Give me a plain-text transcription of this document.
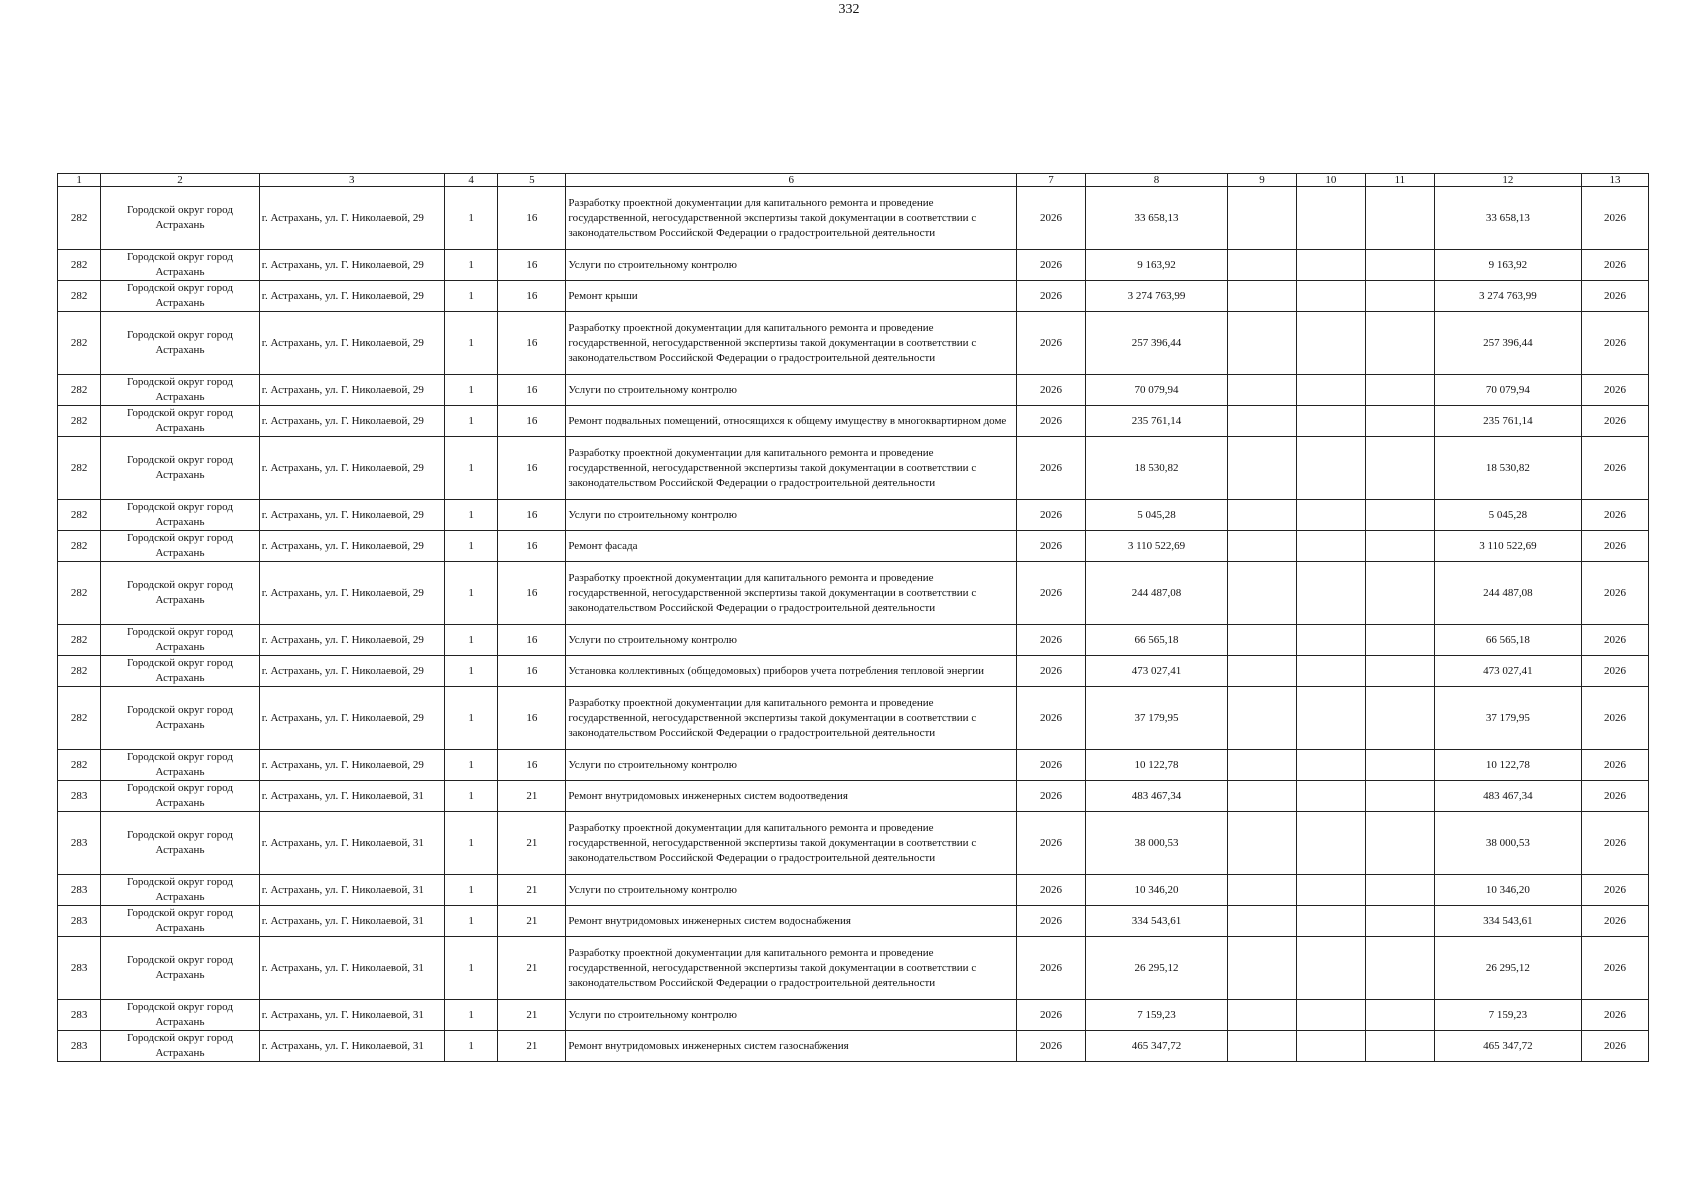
332
1	2	3	4	5	6	7	8	9	10	11	12	13
282	Городской округ город Астрахань	г. Астрахань, ул. Г. Николаевой, 29	1	16	Разработку проектной документации для капитального ремонта и проведение государственной, негосударственной экспертизы такой документации в соответствии с законодательством Российской Федерации о градостроительной деятельности	2026	33 658,13				33 658,13	2026
282	Городской округ город Астрахань	г. Астрахань, ул. Г. Николаевой, 29	1	16	Услуги по строительному контролю	2026	9 163,92				9 163,92	2026
282	Городской округ город Астрахань	г. Астрахань, ул. Г. Николаевой, 29	1	16	Ремонт крыши	2026	3 274 763,99				3 274 763,99	2026
282	Городской округ город Астрахань	г. Астрахань, ул. Г. Николаевой, 29	1	16	Разработку проектной документации для капитального ремонта и проведение государственной, негосударственной экспертизы такой документации в соответствии с законодательством Российской Федерации о градостроительной деятельности	2026	257 396,44				257 396,44	2026
282	Городской округ город Астрахань	г. Астрахань, ул. Г. Николаевой, 29	1	16	Услуги по строительному контролю	2026	70 079,94				70 079,94	2026
282	Городской округ город Астрахань	г. Астрахань, ул. Г. Николаевой, 29	1	16	Ремонт подвальных помещений, относящихся к общему имуществу в многоквартирном доме	2026	235 761,14				235 761,14	2026
282	Городской округ город Астрахань	г. Астрахань, ул. Г. Николаевой, 29	1	16	Разработку проектной документации для капитального ремонта и проведение государственной, негосударственной экспертизы такой документации в соответствии с законодательством Российской Федерации о градостроительной деятельности	2026	18 530,82				18 530,82	2026
282	Городской округ город Астрахань	г. Астрахань, ул. Г. Николаевой, 29	1	16	Услуги по строительному контролю	2026	5 045,28				5 045,28	2026
282	Городской округ город Астрахань	г. Астрахань, ул. Г. Николаевой, 29	1	16	Ремонт фасада	2026	3 110 522,69				3 110 522,69	2026
282	Городской округ город Астрахань	г. Астрахань, ул. Г. Николаевой, 29	1	16	Разработку проектной документации для капитального ремонта и проведение государственной, негосударственной экспертизы такой документации в соответствии с законодательством Российской Федерации о градостроительной деятельности	2026	244 487,08				244 487,08	2026
282	Городской округ город Астрахань	г. Астрахань, ул. Г. Николаевой, 29	1	16	Услуги по строительному контролю	2026	66 565,18				66 565,18	2026
282	Городской округ город Астрахань	г. Астрахань, ул. Г. Николаевой, 29	1	16	Установка коллективных (общедомовых) приборов учета потребления тепловой энергии	2026	473 027,41				473 027,41	2026
282	Городской округ город Астрахань	г. Астрахань, ул. Г. Николаевой, 29	1	16	Разработку проектной документации для капитального ремонта и проведение государственной, негосударственной экспертизы такой документации в соответствии с законодательством Российской Федерации о градостроительной деятельности	2026	37 179,95				37 179,95	2026
282	Городской округ город Астрахань	г. Астрахань, ул. Г. Николаевой, 29	1	16	Услуги по строительному контролю	2026	10 122,78				10 122,78	2026
283	Городской округ город Астрахань	г. Астрахань, ул. Г. Николаевой, 31	1	21	Ремонт внутридомовых инженерных систем водоотведения	2026	483 467,34				483 467,34	2026
283	Городской округ город Астрахань	г. Астрахань, ул. Г. Николаевой, 31	1	21	Разработку проектной документации для капитального ремонта и проведение государственной, негосударственной экспертизы такой документации в соответствии с законодательством Российской Федерации о градостроительной деятельности	2026	38 000,53				38 000,53	2026
283	Городской округ город Астрахань	г. Астрахань, ул. Г. Николаевой, 31	1	21	Услуги по строительному контролю	2026	10 346,20				10 346,20	2026
283	Городской округ город Астрахань	г. Астрахань, ул. Г. Николаевой, 31	1	21	Ремонт внутридомовых инженерных систем водоснабжения	2026	334 543,61				334 543,61	2026
283	Городской округ город Астрахань	г. Астрахань, ул. Г. Николаевой, 31	1	21	Разработку проектной документации для капитального ремонта и проведение государственной, негосударственной экспертизы такой документации в соответствии с законодательством Российской Федерации о градостроительной деятельности	2026	26 295,12				26 295,12	2026
283	Городской округ город Астрахань	г. Астрахань, ул. Г. Николаевой, 31	1	21	Услуги по строительному контролю	2026	7 159,23				7 159,23	2026
283	Городской округ город Астрахань	г. Астрахань, ул. Г. Николаевой, 31	1	21	Ремонт внутридомовых инженерных систем газоснабжения	2026	465 347,72				465 347,72	2026
